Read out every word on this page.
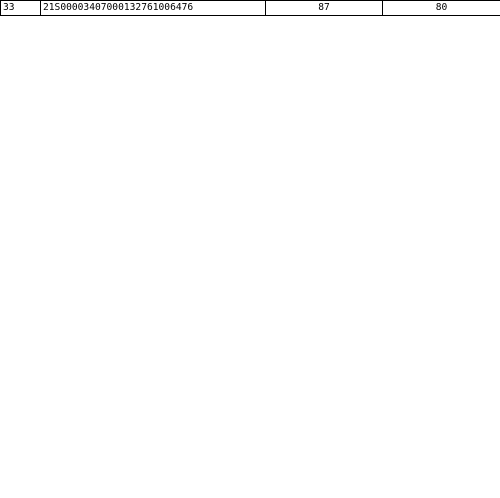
33	21S000034070001327610064​76	87	80
